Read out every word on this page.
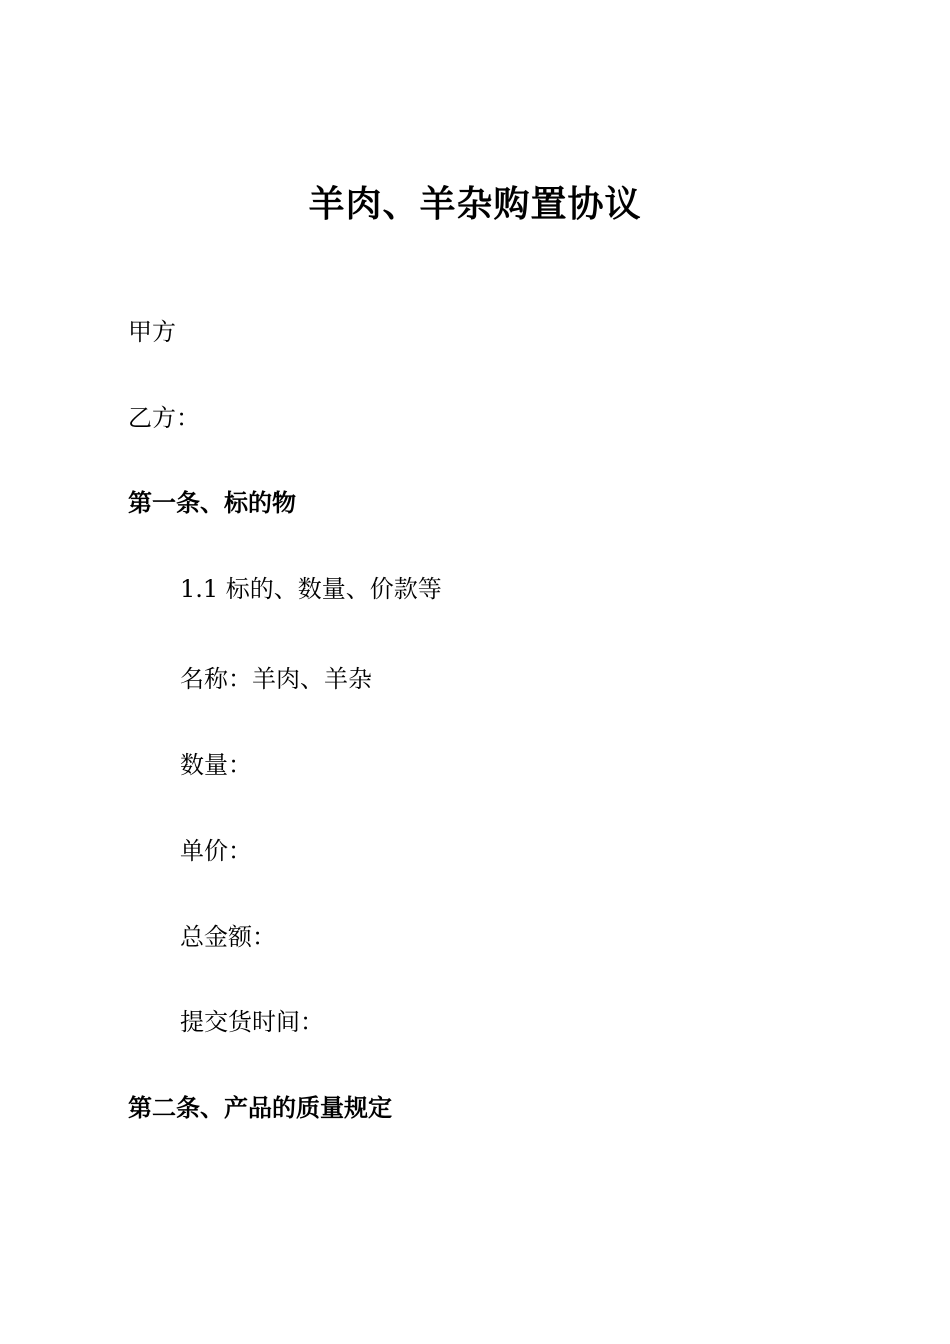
羊肉、羊杂购置协议
甲方
乙方：
第一条、标的物
1.1 标的、数量、价款等
名称：羊肉、羊杂
数量：
单价：
总金额：
提交货时间：
第二条、产品的质量规定
